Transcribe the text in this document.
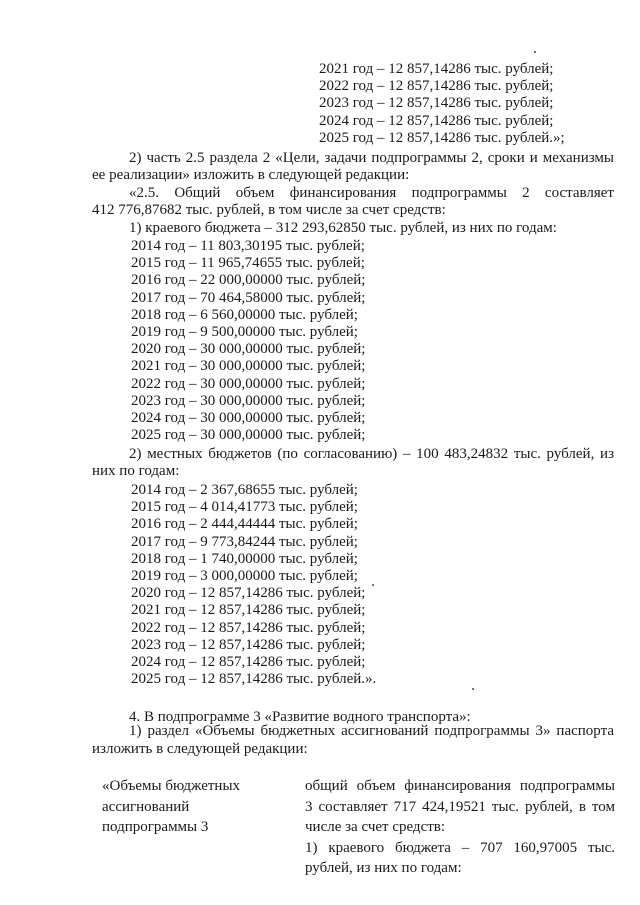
2021 год – 12 857,14286 тыс. рублей;
2022 год – 12 857,14286 тыс. рублей;
2023 год – 12 857,14286 тыс. рублей;
2024 год – 12 857,14286 тыс. рублей;
2025 год – 12 857,14286 тыс. рублей.»;
2) часть 2.5 раздела 2 «Цели, задачи подпрограммы 2, сроки и механизмы
ее реализации» изложить в следующей редакции:
«2.5. Общий объем финансирования подпрограммы 2 составляет
412 776,87682 тыс. рублей, в том числе за счет средств:
1) краевого бюджета – 312 293,62850 тыс. рублей, из них по годам:
2014 год – 11 803,30195 тыс. рублей;
2015 год – 11 965,74655 тыс. рублей;
2016 год – 22 000,00000 тыс. рублей;
2017 год – 70 464,58000 тыс. рублей;
2018 год – 6 560,00000 тыс. рублей;
2019 год – 9 500,00000 тыс. рублей;
2020 год – 30 000,00000 тыс. рублей;
2021 год – 30 000,00000 тыс. рублей;
2022 год – 30 000,00000 тыс. рублей;
2023 год – 30 000,00000 тыс. рублей;
2024 год – 30 000,00000 тыс. рублей;
2025 год – 30 000,00000 тыс. рублей;
2) местных бюджетов (по согласованию) – 100 483,24832 тыс. рублей, из
них по годам:
2014 год – 2 367,68655 тыс. рублей;
2015 год – 4 014,41773 тыс. рублей;
2016 год – 2 444,44444 тыс. рублей;
2017 год – 9 773,84244 тыс. рублей;
2018 год – 1 740,00000 тыс. рублей;
2019 год – 3 000,00000 тыс. рублей;
2020 год – 12 857,14286 тыс. рублей;
2021 год – 12 857,14286 тыс. рублей;
2022 год – 12 857,14286 тыс. рублей;
2023 год – 12 857,14286 тыс. рублей;
2024 год – 12 857,14286 тыс. рублей;
2025 год – 12 857,14286 тыс. рублей.».
4. В подпрограмме 3 «Развитие водного транспорта»:
1) раздел «Объемы бюджетных ассигнований подпрограммы 3» паспорта
изложить в следующей редакции:
«Объемы бюджетных
ассигнований
подпрограммы 3
общий объем финансирования подпрограммы
3 составляет 717 424,19521 тыс. рублей, в том
числе за счет средств:
1) краевого бюджета – 707 160,97005 тыс.
рублей, из них по годам:
